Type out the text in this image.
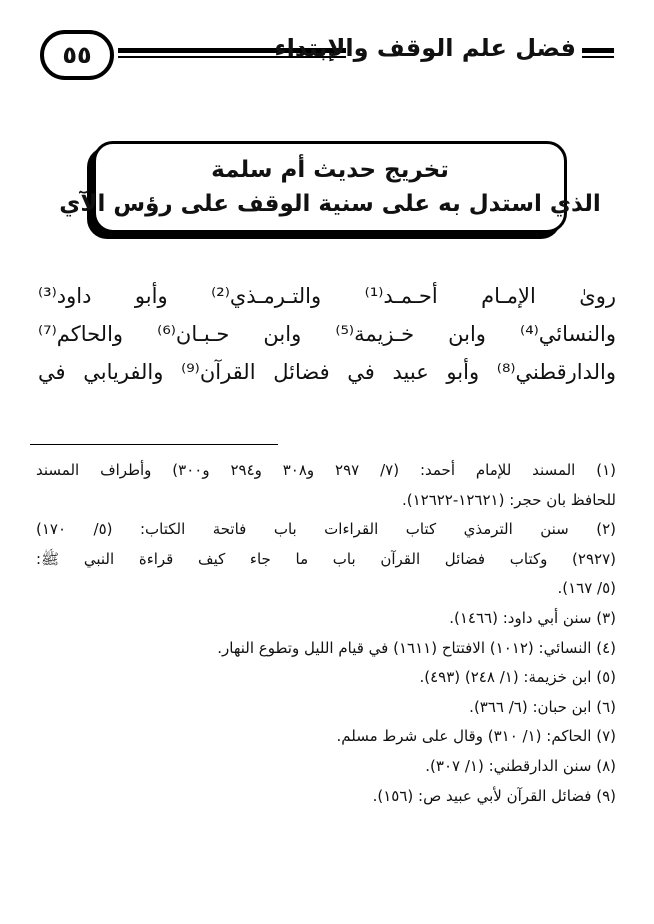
٥٥	فضل علم الوقف والإبتداء
تخريج حديث أم سلمة
الذي استدل به على سنية الوقف على رؤس الآي
روىٰ الإمـام أحـمـد⁽¹⁾ والتـرمـذي⁽²⁾ وأبو داود⁽³⁾
والنسائي⁽⁴⁾ وابن خـزيمة⁽⁵⁾ وابن حـبـان⁽⁶⁾ والحاكم⁽⁷⁾
والدارقطني⁽⁸⁾ وأبو عبيد في فضائل القرآن⁽⁹⁾ والفريابي في
(١) المسند للإمام أحمد: (٧/ ٢٩٧ و٣٠٨ و٢٩٤ و٣٠٠) وأطراف المسند
للحافظ بان حجر: (١٢٦٢١-١٢٦٢٢).
(٢) سنن الترمذي كتاب القراءات باب فاتحة الكتاب: (٥/ ١٧٠)
(٢٩٢٧) وكتاب فضائل القرآن باب ما جاء كيف قراءة النبي ﷺ:
(٥/ ١٦٧).
(٣) سنن أبي داود: (١٤٦٦).
(٤) النسائي: (١٠١٢) الافتتاح (١٦١١) في قيام الليل وتطوع النهار.
(٥) ابن خزيمة: (١/ ٢٤٨) (٤٩٣).
(٦) ابن حبان: (٦/ ٣٦٦).
(٧) الحاكم: (١/ ٣١٠) وقال على شرط مسلم.
(٨) سنن الدارقطني: (١/ ٣٠٧).
(٩) فضائل القرآن لأبي عبيد ص: (١٥٦).
